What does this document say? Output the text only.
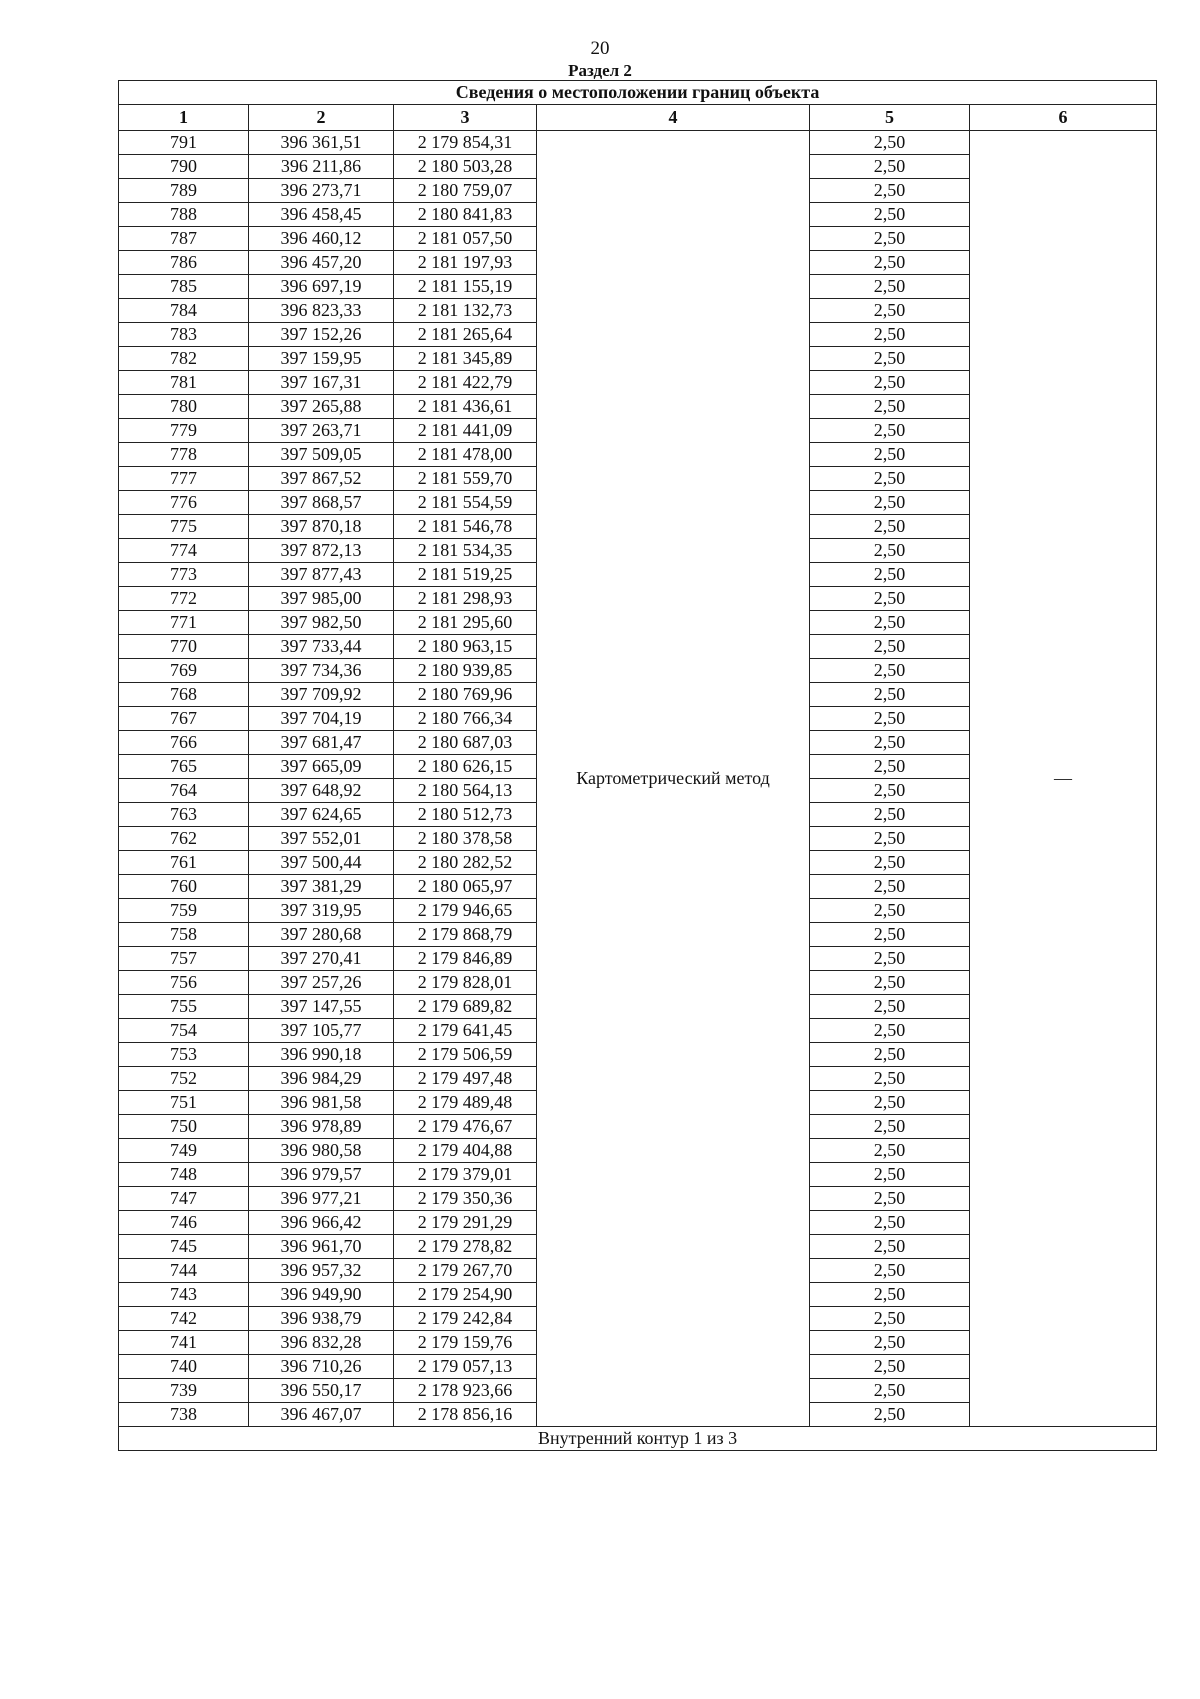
20
Раздел 2
Сведения о местоположении границ объекта					
1	2	3	4	5	6
791	396 361,51	2 179 854,31	Картометрический метод	2,50	—
790	396 211,86	2 180 503,28		2,50	
789	396 273,71	2 180 759,07		2,50	
788	396 458,45	2 180 841,83		2,50	
787	396 460,12	2 181 057,50		2,50	
786	396 457,20	2 181 197,93		2,50	
785	396 697,19	2 181 155,19		2,50	
784	396 823,33	2 181 132,73		2,50	
783	397 152,26	2 181 265,64		2,50	
782	397 159,95	2 181 345,89		2,50	
781	397 167,31	2 181 422,79		2,50	
780	397 265,88	2 181 436,61		2,50	
779	397 263,71	2 181 441,09		2,50	
778	397 509,05	2 181 478,00		2,50	
777	397 867,52	2 181 559,70		2,50	
776	397 868,57	2 181 554,59		2,50	
775	397 870,18	2 181 546,78		2,50	
774	397 872,13	2 181 534,35		2,50	
773	397 877,43	2 181 519,25		2,50	
772	397 985,00	2 181 298,93		2,50	
771	397 982,50	2 181 295,60		2,50	
770	397 733,44	2 180 963,15		2,50	
769	397 734,36	2 180 939,85		2,50	
768	397 709,92	2 180 769,96		2,50	
767	397 704,19	2 180 766,34		2,50	
766	397 681,47	2 180 687,03		2,50	
765	397 665,09	2 180 626,15		2,50	
764	397 648,92	2 180 564,13		2,50	
763	397 624,65	2 180 512,73		2,50	
762	397 552,01	2 180 378,58		2,50	
761	397 500,44	2 180 282,52		2,50	
760	397 381,29	2 180 065,97		2,50	
759	397 319,95	2 179 946,65		2,50	
758	397 280,68	2 179 868,79		2,50	
757	397 270,41	2 179 846,89		2,50	
756	397 257,26	2 179 828,01		2,50	
755	397 147,55	2 179 689,82		2,50	
754	397 105,77	2 179 641,45		2,50	
753	396 990,18	2 179 506,59		2,50	
752	396 984,29	2 179 497,48		2,50	
751	396 981,58	2 179 489,48		2,50	
750	396 978,89	2 179 476,67		2,50	
749	396 980,58	2 179 404,88		2,50	
748	396 979,57	2 179 379,01		2,50	
747	396 977,21	2 179 350,36		2,50	
746	396 966,42	2 179 291,29		2,50	
745	396 961,70	2 179 278,82		2,50	
744	396 957,32	2 179 267,70		2,50	
743	396 949,90	2 179 254,90		2,50	
742	396 938,79	2 179 242,84		2,50	
741	396 832,28	2 179 159,76		2,50	
740	396 710,26	2 179 057,13		2,50	
739	396 550,17	2 178 923,66		2,50	
738	396 467,07	2 178 856,16		2,50	
Внутренний контур 1 из 3					
